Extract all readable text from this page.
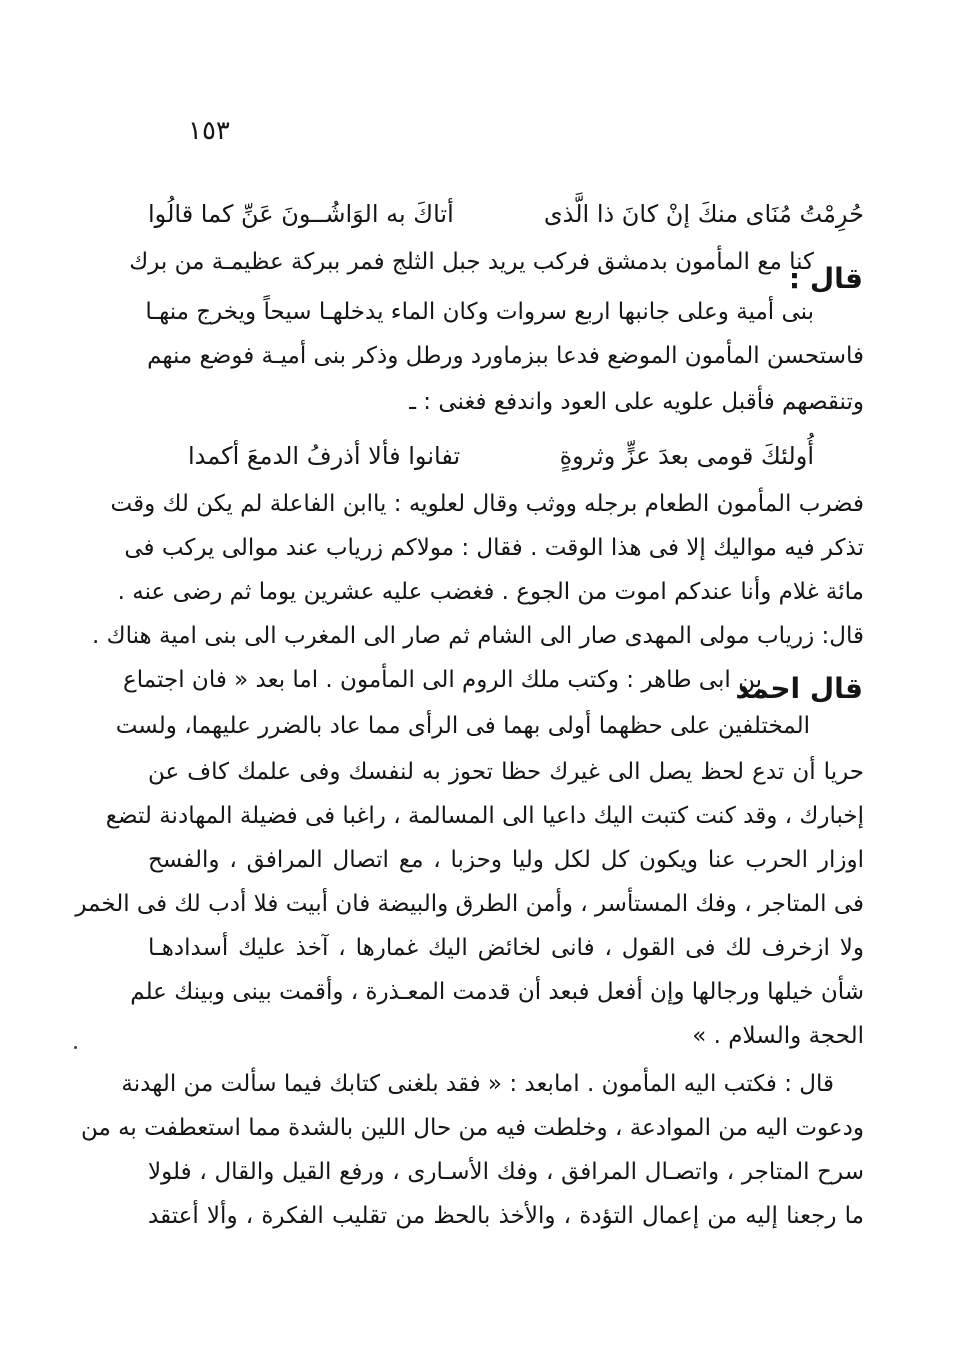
١٥٣
حُرِمْتُ مُنَاى منكَ إنْ كانَ ذا الَّذى
أتاكَ به الوَاشُــونَ عَنِّ كما قالُوا
قال :
كنا مع المأمون بدمشق فركب يريد جبل الثلج فمر ببركة عظيمـة من برك
بنى أمية وعلى جانبها اربع سروات وكان الماء يدخلهـا سيحاً ويخرج منهـا
فاستحسن المأمون الموضع فدعا ببزماورد ورطل وذكر بنى أميـة فوضع منهم
وتنقصهم فأقبل علويه على العود واندفع فغنى : ـ
أُولئكَ قومى بعدَ عزٍّ وثروةٍ
تفانوا فألا أذرفُ الدمعَ أكمدا
فضرب المأمون الطعام برجله ووثب وقال لعلويه : ياابن الفاعلة لم يكن لك وقت
تذكر فيه مواليك إلا فى هذا الوقت . فقال : مولاكم زرياب عند موالى يركب فى
مائة غلام وأنا عندكم اموت من الجوع . فغضب عليه عشرين يوما ثم رضى عنه .
قال: زرياب مولى المهدى صار الى الشام ثم صار الى المغرب الى بنى امية هناك .
قال احمد
بن ابى طاهر : وكتب ملك الروم الى المأمون . اما بعد « فان اجتماع
المختلفين على حظهما أولى بهما فى الرأى مما عاد بالضرر عليهما، ولست
حريا أن تدع لحظ يصل الى غيرك حظا تحوز به لنفسك وفى علمك كاف عن
إخبارك ، وقد كنت كتبت اليك داعيا الى المسالمة ، راغبا فى فضيلة المهادنة لتضع
اوزار الحرب عنا ويكون كل لكل وليا وحزبا ، مع اتصال المرافق ، والفسح
فى المتاجر ، وفك المستأسر ، وأمن الطرق والبيضة فان أبيت فلا أدب لك فى الخمر
ولا ازخرف لك فى القول ، فانى لخائض اليك غمارها ، آخذ عليك أسدادهـا
شأن خيلها ورجالها وإن أفعل فبعد أن قدمت المعـذرة ، وأقمت بينى وبينك علم
الحجة والسلام . »
قال : فكتب اليه المأمون . امابعد : « فقد بلغنى كتابك فيما سألت من الهدنة
ودعوت اليه من الموادعة ، وخلطت فيه من حال اللين بالشدة مما استعطفت به من
سرح المتاجر ، واتصـال المرافق ، وفك الأسـارى ، ورفع القيل والقال ، فلولا
ما رجعنا إليه من إعمال التؤدة ، والأخذ بالحظ من تقليب الفكرة ، وألا أعتقد
